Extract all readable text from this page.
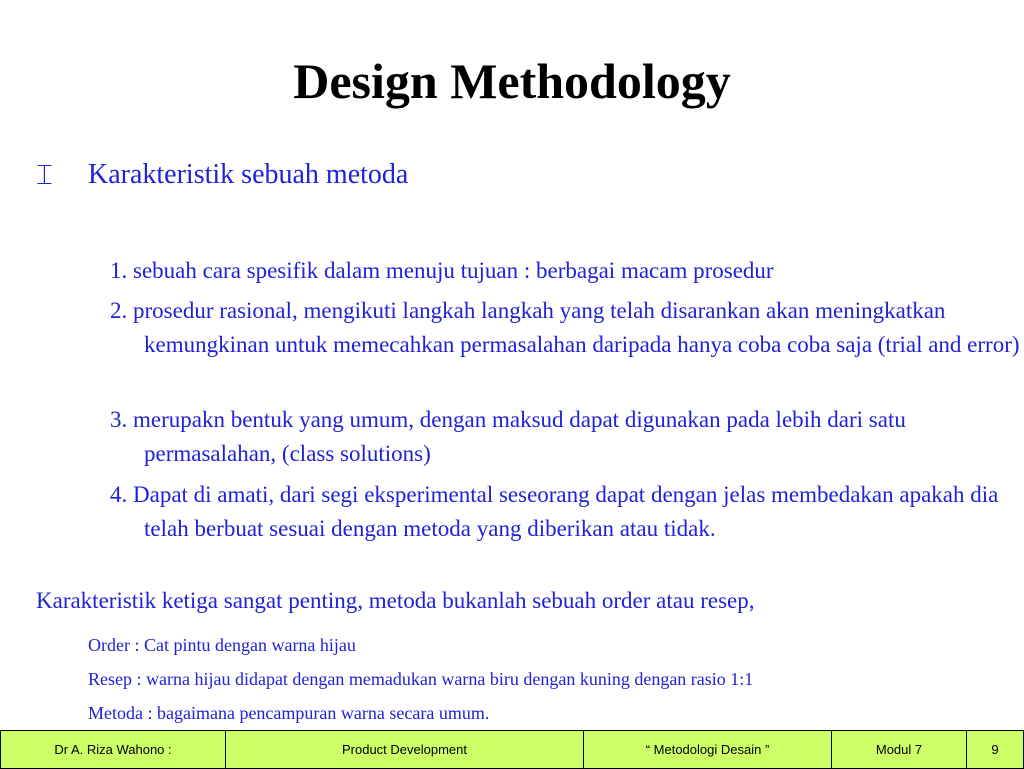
Design Methodology
⌶	Karakteristik sebuah metoda
1. sebuah cara spesifik dalam menuju tujuan : berbagai macam prosedur
2. prosedur rasional, mengikuti langkah langkah yang telah disarankan akan meningkatkan kemungkinan untuk memecahkan permasalahan daripada hanya coba coba saja (trial and error)
3. merupakn bentuk yang umum, dengan maksud dapat digunakan pada lebih dari satu permasalahan, (class solutions)
4. Dapat di amati, dari segi eksperimental seseorang dapat dengan jelas membedakan apakah dia telah berbuat sesuai dengan metoda yang diberikan atau tidak.
Karakteristik ketiga sangat penting, metoda bukanlah sebuah order atau resep,
Order : Cat pintu dengan warna hijau
Resep : warna hijau didapat dengan memadukan warna biru dengan kuning dengan rasio 1:1
Metoda : bagaimana pencampuran warna secara umum.
Dr A. Riza Wahono :	Product Development	“ Metodologi Desain ”	Modul 7	9
